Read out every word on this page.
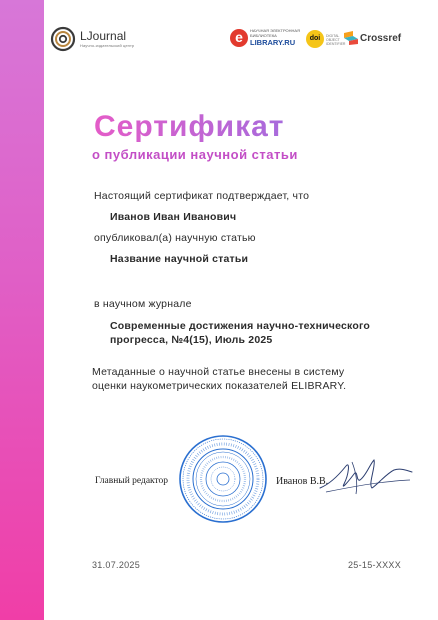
LJournal
Научно-издательский центр
e	НАУЧНАЯ ЭЛЕКТРОННАЯ БИБЛИОТЕКА
LIBRARY.RU	doi	DIGITAL OBJECT IDENTIFIER
Crossref
Сертификат
о публикации научной статьи
Настоящий сертификат подтверждает, что
Иванов Иван Иванович
опубликовал(а) научную статью
Название научной статьи
в научном журнале
Современные достижения научно-технического
прогресса, №4(15), Июль 2025
Метаданные о научной статье внесены в систему
оценки наукометрических показателей ELIBRARY.
Главный редактор	Иванов В.В.
31.07.2025	25-15-XXXX
